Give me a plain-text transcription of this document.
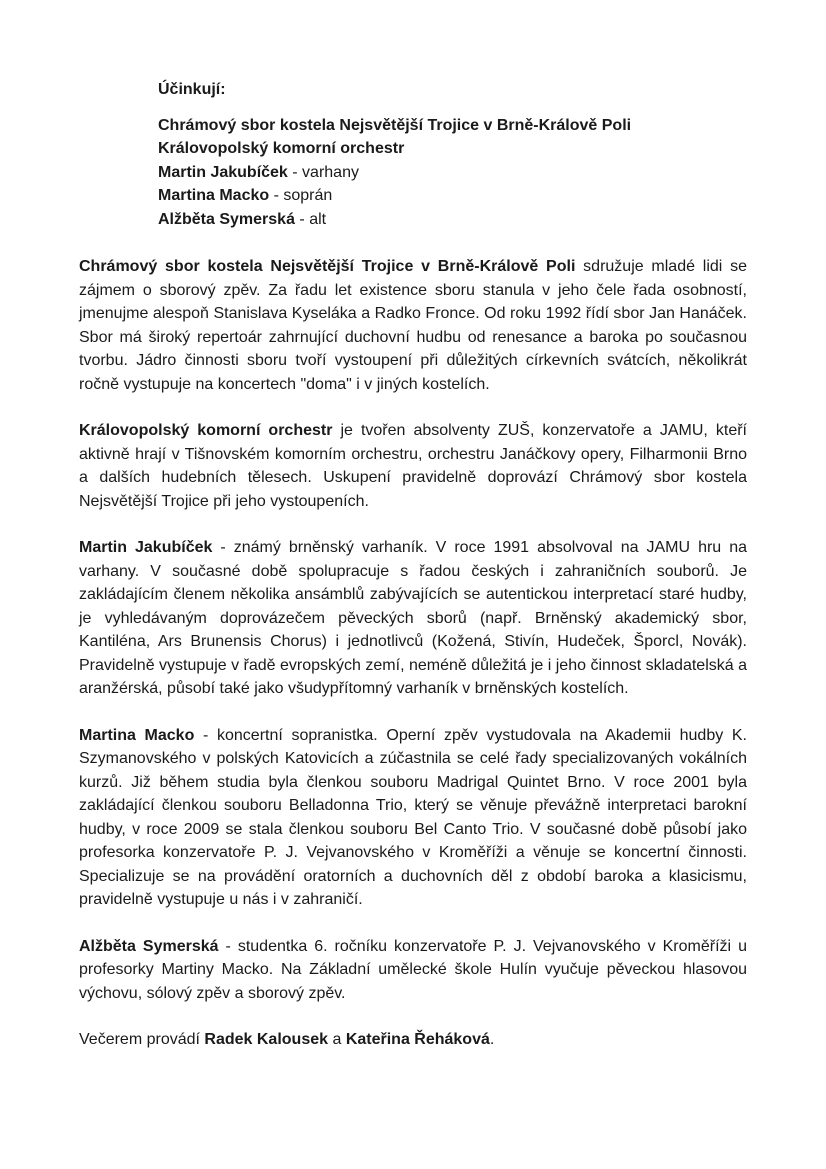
Účinkují:

Chrámový sbor kostela Nejsvětější Trojice v Brně-Králově Poli

Královopolský komorní orchestr

Martin Jakubíček - varhany

Martina Macko - soprán

Alžběta Symerská - alt

Chrámový sbor kostela Nejsvětější Trojice v Brně-Králově Poli sdružuje mladé lidi se zájmem o sborový zpěv. Za řadu let existence sboru stanula v jeho čele řada osobností, jmenujme alespoň Stanislava Kyseláka a Radko Fronce. Od roku 1992 řídí sbor Jan Hanáček. Sbor má široký repertoár zahrnující duchovní hudbu od renesance a baroka po současnou tvorbu. Jádro činnosti sboru tvoří vystoupení při důležitých církevních svátcích, několikrát ročně vystupuje na koncertech "doma" i v jiných kostelích.

Královopolský komorní orchestr je tvořen absolventy ZUŠ, konzervatoře a JAMU, kteří aktivně hrají v Tišnovském komorním orchestru, orchestru Janáčkovy opery, Filharmonii Brno a dalších hudebních tělesech. Uskupení pravidelně doprovází Chrámový sbor kostela Nejsvětější Trojice při jeho vystoupeních.

Martin Jakubíček - známý brněnský varhaník. V roce 1991 absolvoval na JAMU hru na varhany. V současné době spolupracuje s řadou českých i zahraničních souborů. Je zakládajícím členem několika ansámblů zabývajících se autentickou interpretací staré hudby, je vyhledávaným doprovázečem pěveckých sborů (např. Brněnský akademický sbor, Kantiléna, Ars Brunensis Chorus) i jednotlivců (Kožená, Stivín, Hudeček, Šporcl, Novák). Pravidelně vystupuje v řadě evropských zemí, neméně důležitá je i jeho činnost skladatelská a aranžérská, působí také jako všudypřítomný varhaník v brněnských kostelích.

Martina Macko - koncertní sopranistka. Operní zpěv vystudovala na Akademii hudby K. Szymanovského v polských Katovicích a zúčastnila se celé řady specializovaných vokálních kurzů. Již během studia byla členkou souboru Madrigal Quintet Brno. V roce 2001 byla zakládající členkou souboru Belladonna Trio, který se věnuje převážně interpretaci barokní hudby, v roce 2009 se stala členkou souboru Bel Canto Trio. V současné době působí jako profesorka konzervatoře P. J. Vejvanovského v Kroměříži a věnuje se koncertní činnosti. Specializuje se na provádění oratorních a duchovních děl z období baroka a klasicismu, pravidelně vystupuje u nás i v zahraničí.

Alžběta Symerská - studentka 6. ročníku konzervatoře P. J. Vejvanovského v Kroměříži u profesorky Martiny Macko. Na Základní umělecké škole Hulín vyučuje pěveckou hlasovou výchovu, sólový zpěv a sborový zpěv.

Večerem provádí Radek Kalousek a Kateřina Řeháková.
